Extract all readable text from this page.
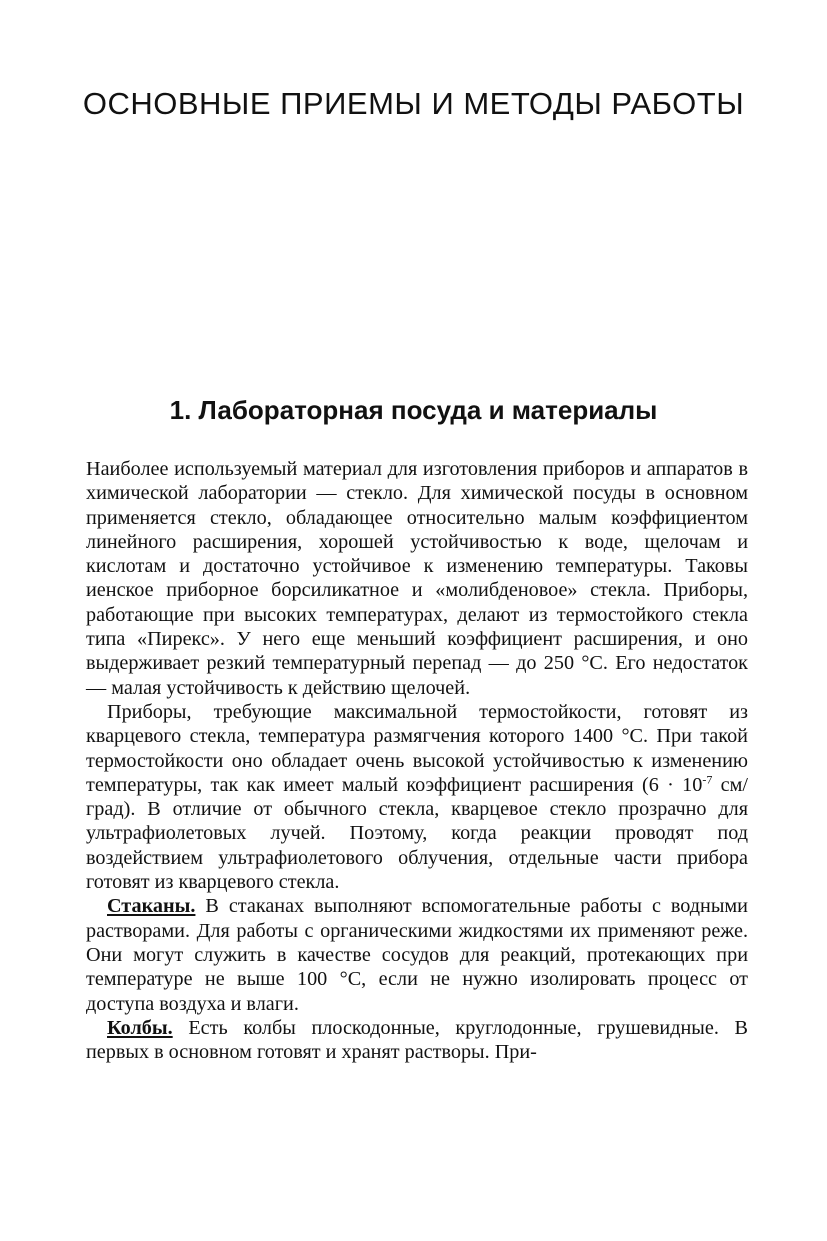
ОСНОВНЫЕ ПРИЕМЫ И МЕТОДЫ РАБОТЫ
1. Лабораторная посуда и материалы

Наиболее используемый материал для изготовления приборов и аппаратов в химической лаборатории — стекло. Для химической посуды в основном применяется стекло, обладающее относительно малым коэффициентом линейного расширения, хорошей устойчивостью к воде, щелочам и кислотам и достаточно устойчивое к изменению температуры. Таковы иенское приборное борсиликатное и «молибденовое» стекла. Приборы, работающие при высоких температурах, делают из термостойкого стекла типа «Пирекс». У него еще меньший коэффициент расширения, и оно выдерживает резкий температурный перепад — до 250 °С. Его недостаток — малая устойчивость к действию щелочей.

Приборы, требующие максимальной термостойкости, готовят из кварцевого стекла, температура размягчения которого 1400 °С. При такой термостойкости оно обладает очень высокой устойчивостью к изменению температуры, так как имеет малый коэффициент расширения ($6 \cdot 10^{-7}$ см/град). В отличие от обычного стекла, кварцевое стекло прозрачно для ультрафиолетовых лучей. Поэтому, когда реакции проводят под воздействием ультрафиолетового облучения, отдельные части прибора готовят из кварцевого стекла.

Стаканы. В стаканах выполняют вспомогательные работы с водными растворами. Для работы с органическими жидкостями их применяют реже. Они могут служить в качестве сосудов для реакций, протекающих при температуре не выше 100 °С, если не нужно изолировать процесс от доступа воздуха и влаги.

Колбы. Есть колбы плоскодонные, круглодонные, грушевидные. В первых в основном готовят и хранят растворы. При-
